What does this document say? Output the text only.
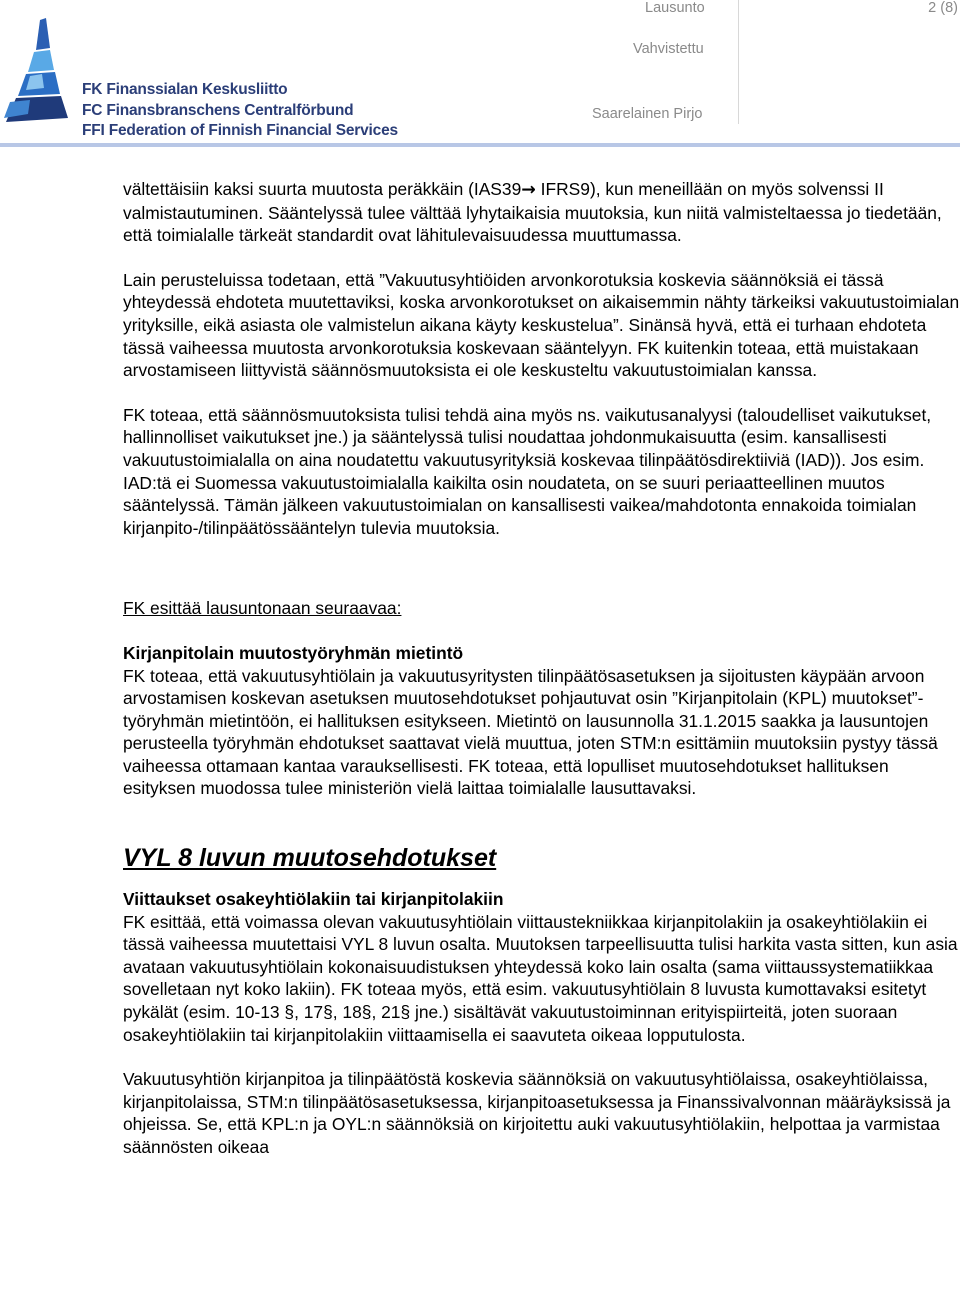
FK Finanssialan Keskusliitto
FC Finansbranschens Centralförbund
FFI Federation of Finnish Financial Services
Lausunto	2 (8)
Vahvistettu
Saarelainen Pirjo

vältettäisiin kaksi suurta muutosta peräkkäin (IAS39→ IFRS9), kun meneillään on myös solvenssi II valmistautuminen. Sääntelyssä tulee välttää lyhytaikaisia muutoksia, kun niitä valmisteltaessa jo tiedetään, että toimialalle tärkeät standardit ovat lähitulevaisuudessa muuttumassa.

Lain perusteluissa todetaan, että ”Vakuutusyhtiöiden arvonkorotuksia koskevia säännöksiä ei tässä yhteydessä ehdoteta muutettaviksi, koska arvonkorotukset on aikaisemmin nähty tärkeiksi vakuutustoimialan yrityksille, eikä asiasta ole valmistelun aikana käyty keskustelua”. Sinänsä hyvä, että ei turhaan ehdoteta tässä vaiheessa muutosta arvonkorotuksia koskevaan sääntelyyn. FK kuitenkin toteaa, että muistakaan arvostamiseen liittyvistä säännösmuutoksista ei ole keskusteltu vakuutustoimialan kanssa.

FK toteaa, että säännösmuutoksista tulisi tehdä aina myös ns. vaikutusanalyysi (taloudelliset vaikutukset, hallinnolliset vaikutukset jne.) ja sääntelyssä tulisi noudattaa johdonmukaisuutta (esim. kansallisesti vakuutustoimialalla on aina noudatettu vakuutusyrityksiä koskevaa tilinpäätösdirektiiviä (IAD)). Jos esim. IAD:tä ei Suomessa vakuutustoimialalla kaikilta osin noudateta, on se suuri periaatteellinen muutos sääntelyssä. Tämän jälkeen vakuutustoimialan on kansallisesti vaikea/mahdotonta ennakoida toimialan kirjanpito-/tilinpäätössääntelyn tulevia muutoksia.

FK esittää lausuntonaan seuraavaa:

Kirjanpitolain muutostyöryhmän mietintö

FK toteaa, että vakuutusyhtiölain ja vakuutusyritysten tilinpäätösasetuksen ja sijoitusten käypään arvoon arvostamisen koskevan asetuksen muutosehdotukset pohjautuvat osin ”Kirjanpitolain (KPL) muutokset”- työryhmän mietintöön, ei hallituksen esitykseen. Mietintö on lausunnolla 31.1.2015 saakka ja lausuntojen perusteella työryhmän ehdotukset saattavat vielä muuttua, joten STM:n esittämiin muutoksiin pystyy tässä vaiheessa ottamaan kantaa varauksellisesti. FK toteaa, että lopulliset muutosehdotukset hallituksen esityksen muodossa tulee ministeriön vielä laittaa toimialalle lausuttavaksi.

VYL 8 luvun muutosehdotukset

Viittaukset osakeyhtiölakiin tai kirjanpitolakiin

FK esittää, että voimassa olevan vakuutusyhtiölain viittaustekniikkaa kirjanpitolakiin ja osakeyhtiölakiin ei tässä vaiheessa muutettaisi VYL 8 luvun osalta. Muutoksen tarpeellisuutta tulisi harkita vasta sitten, kun asia avataan vakuutusyhtiölain kokonaisuudistuksen yhteydessä koko lain osalta (sama viittaussystematiikkaa sovelletaan nyt koko lakiin). FK toteaa myös, että esim. vakuutusyhtiölain 8 luvusta kumottavaksi esitetyt pykälät (esim. 10-13 §, 17§, 18§, 21§ jne.) sisältävät vakuutustoiminnan erityispiirteitä, joten suoraan osakeyhtiölakiin tai kirjanpitolakiin viittaamisella ei saavuteta oikeaa lopputulosta.

Vakuutusyhtiön kirjanpitoa ja tilinpäätöstä koskevia säännöksiä on vakuutusyhtiölaissa, osakeyhtiölaissa, kirjanpitolaissa, STM:n tilinpäätösasetuksessa, kirjanpitoasetuksessa ja Finanssivalvonnan määräyksissä ja ohjeissa. Se, että KPL:n ja OYL:n säännöksiä on kirjoitettu auki vakuutusyhtiölakiin, helpottaa ja varmistaa säännösten oikeaa
